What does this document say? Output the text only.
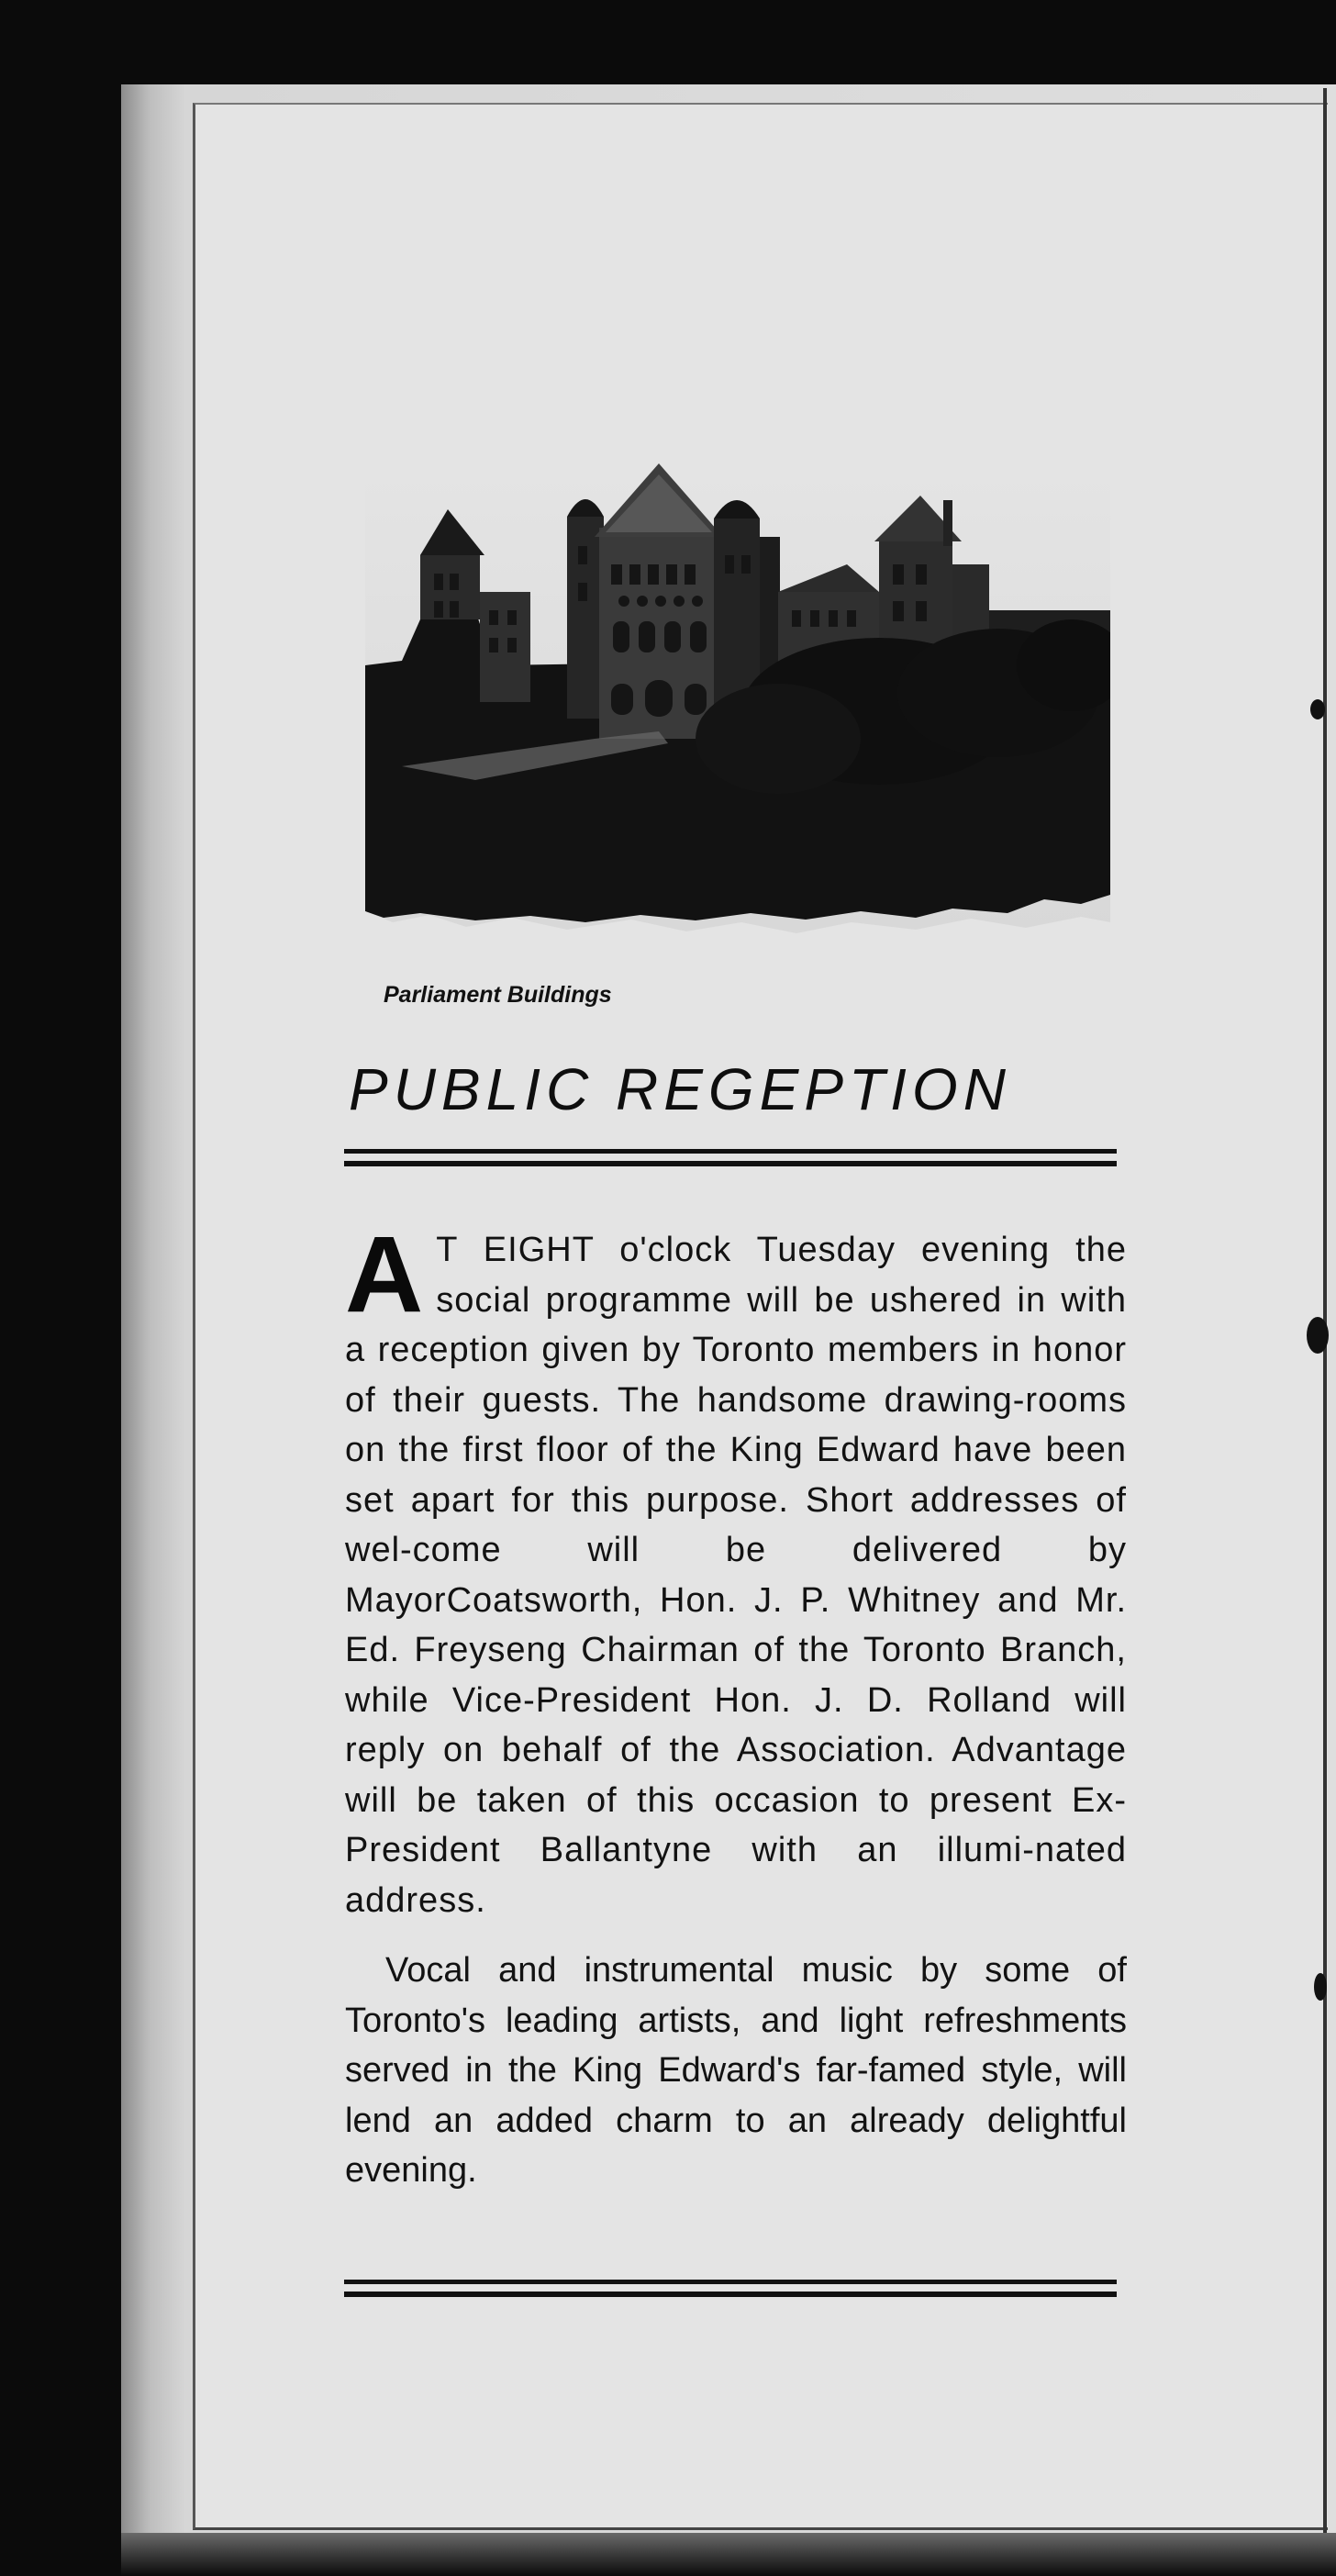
Parliament Buildings
PUBLIC REGEPTION

A T EIGHT o'clock Tuesday evening the social programme will be ushered in with a reception given by Toronto members in honor of their guests. The handsome drawing-rooms on the first floor of the King Edward have been set apart for this purpose. Short addresses of wel-come will be delivered by MayorCoatsworth, Hon. J. P. Whitney and Mr. Ed. Freyseng Chairman of the Toronto Branch, while Vice-President Hon. J. D. Rolland will reply on behalf of the Association. Advantage will be taken of this occasion to present Ex-President Ballantyne with an illumi-nated address.

Vocal and instrumental music by some of Toronto's leading artists, and light refreshments served in the King Edward's far-famed style, will lend an added charm to an already delightful evening.
